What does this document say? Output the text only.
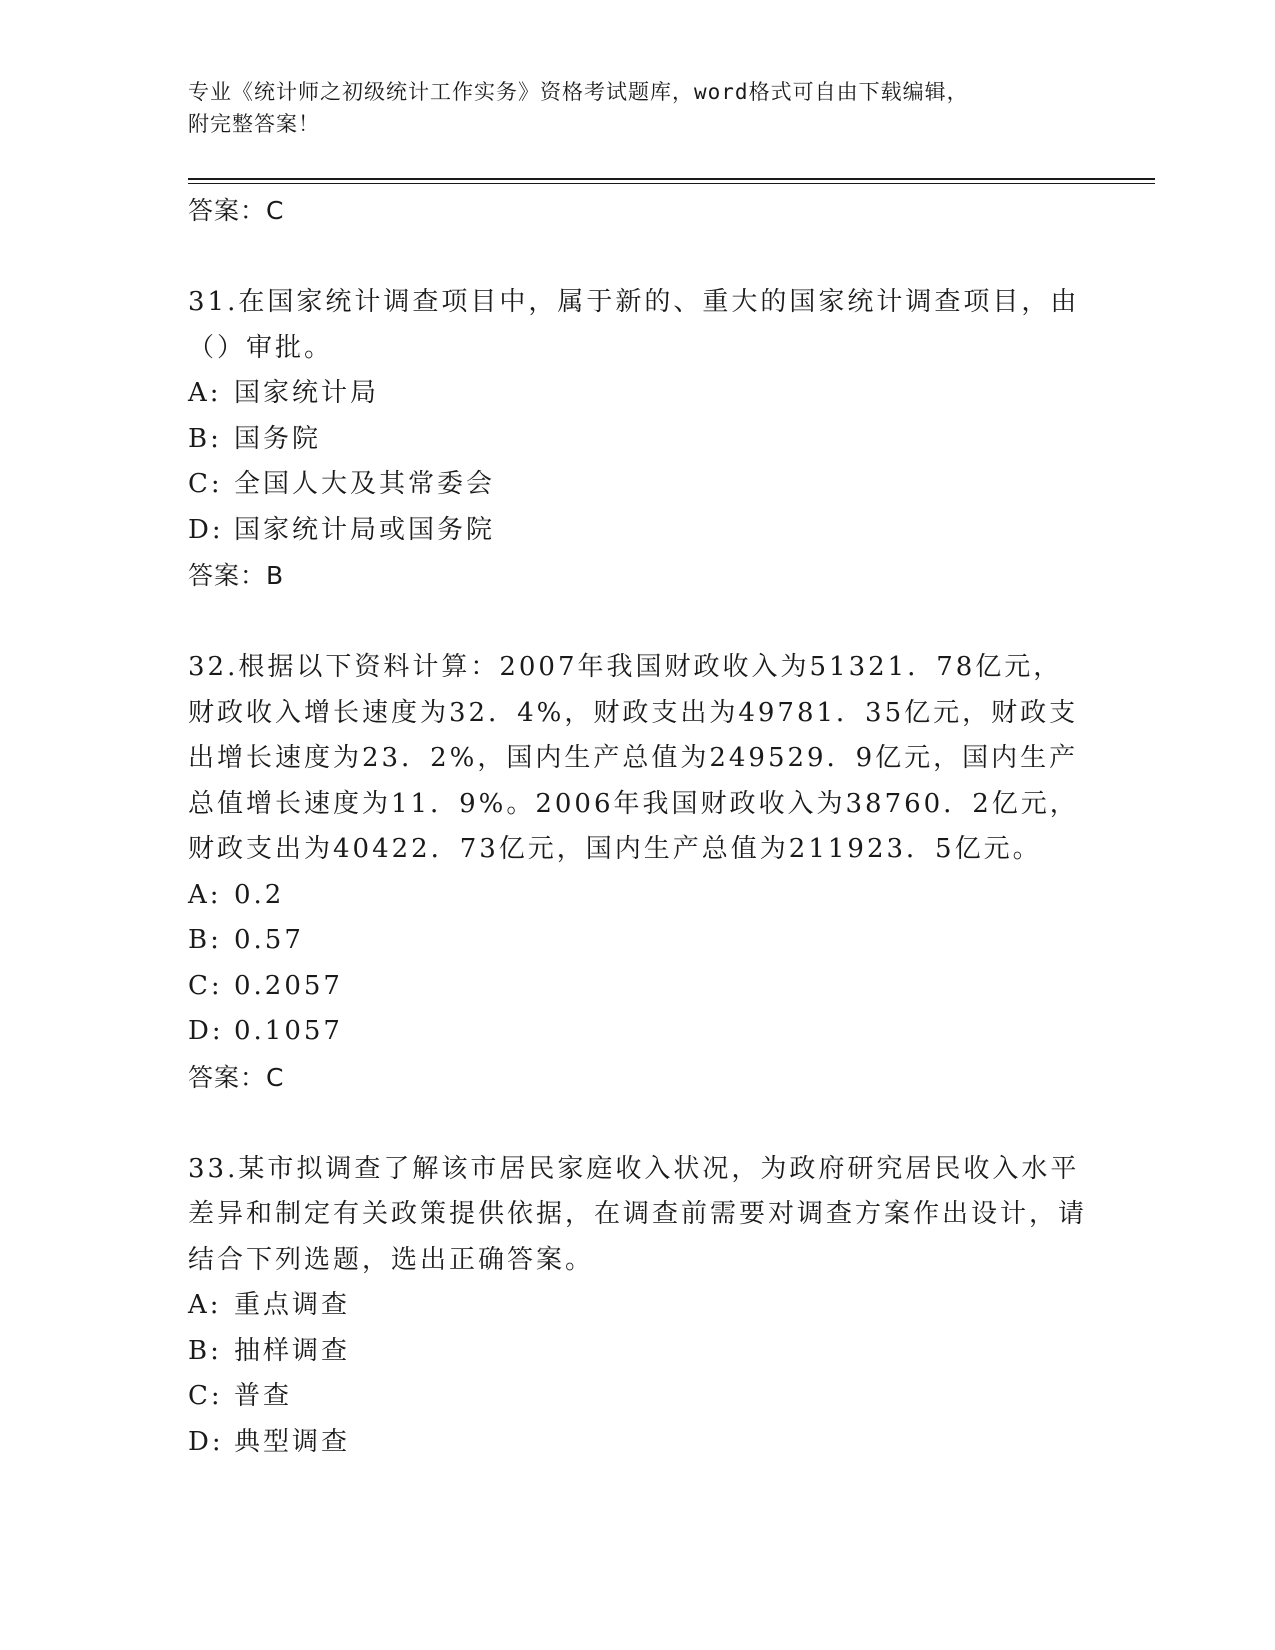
专业《统计师之初级统计工作实务》资格考试题库，word格式可自由下载编辑，
附完整答案！
答案：C
31.在国家统计调查项目中，属于新的、重大的国家统计调查项目，由（）审批。
A: 国家统计局
B: 国务院
C: 全国人大及其常委会
D: 国家统计局或国务院
答案：B
32.根据以下资料计算：2007年我国财政收入为51321．78亿元，财政收入增长速度为32．4%，财政支出为49781．35亿元，财政支出增长速度为23．2%，国内生产总值为249529．9亿元，国内生产总值增长速度为11．9%。2006年我国财政收入为38760．2亿元，财政支出为40422．73亿元，国内生产总值为211923．5亿元。
A: 0.2
B: 0.57
C: 0.2057
D: 0.1057
答案：C
33.某市拟调查了解该市居民家庭收入状况，为政府研究居民收入水平差异和制定有关政策提供依据，在调查前需要对调查方案作出设计，请结合下列选题，选出正确答案。
A: 重点调查
B: 抽样调查
C: 普查
D: 典型调查
